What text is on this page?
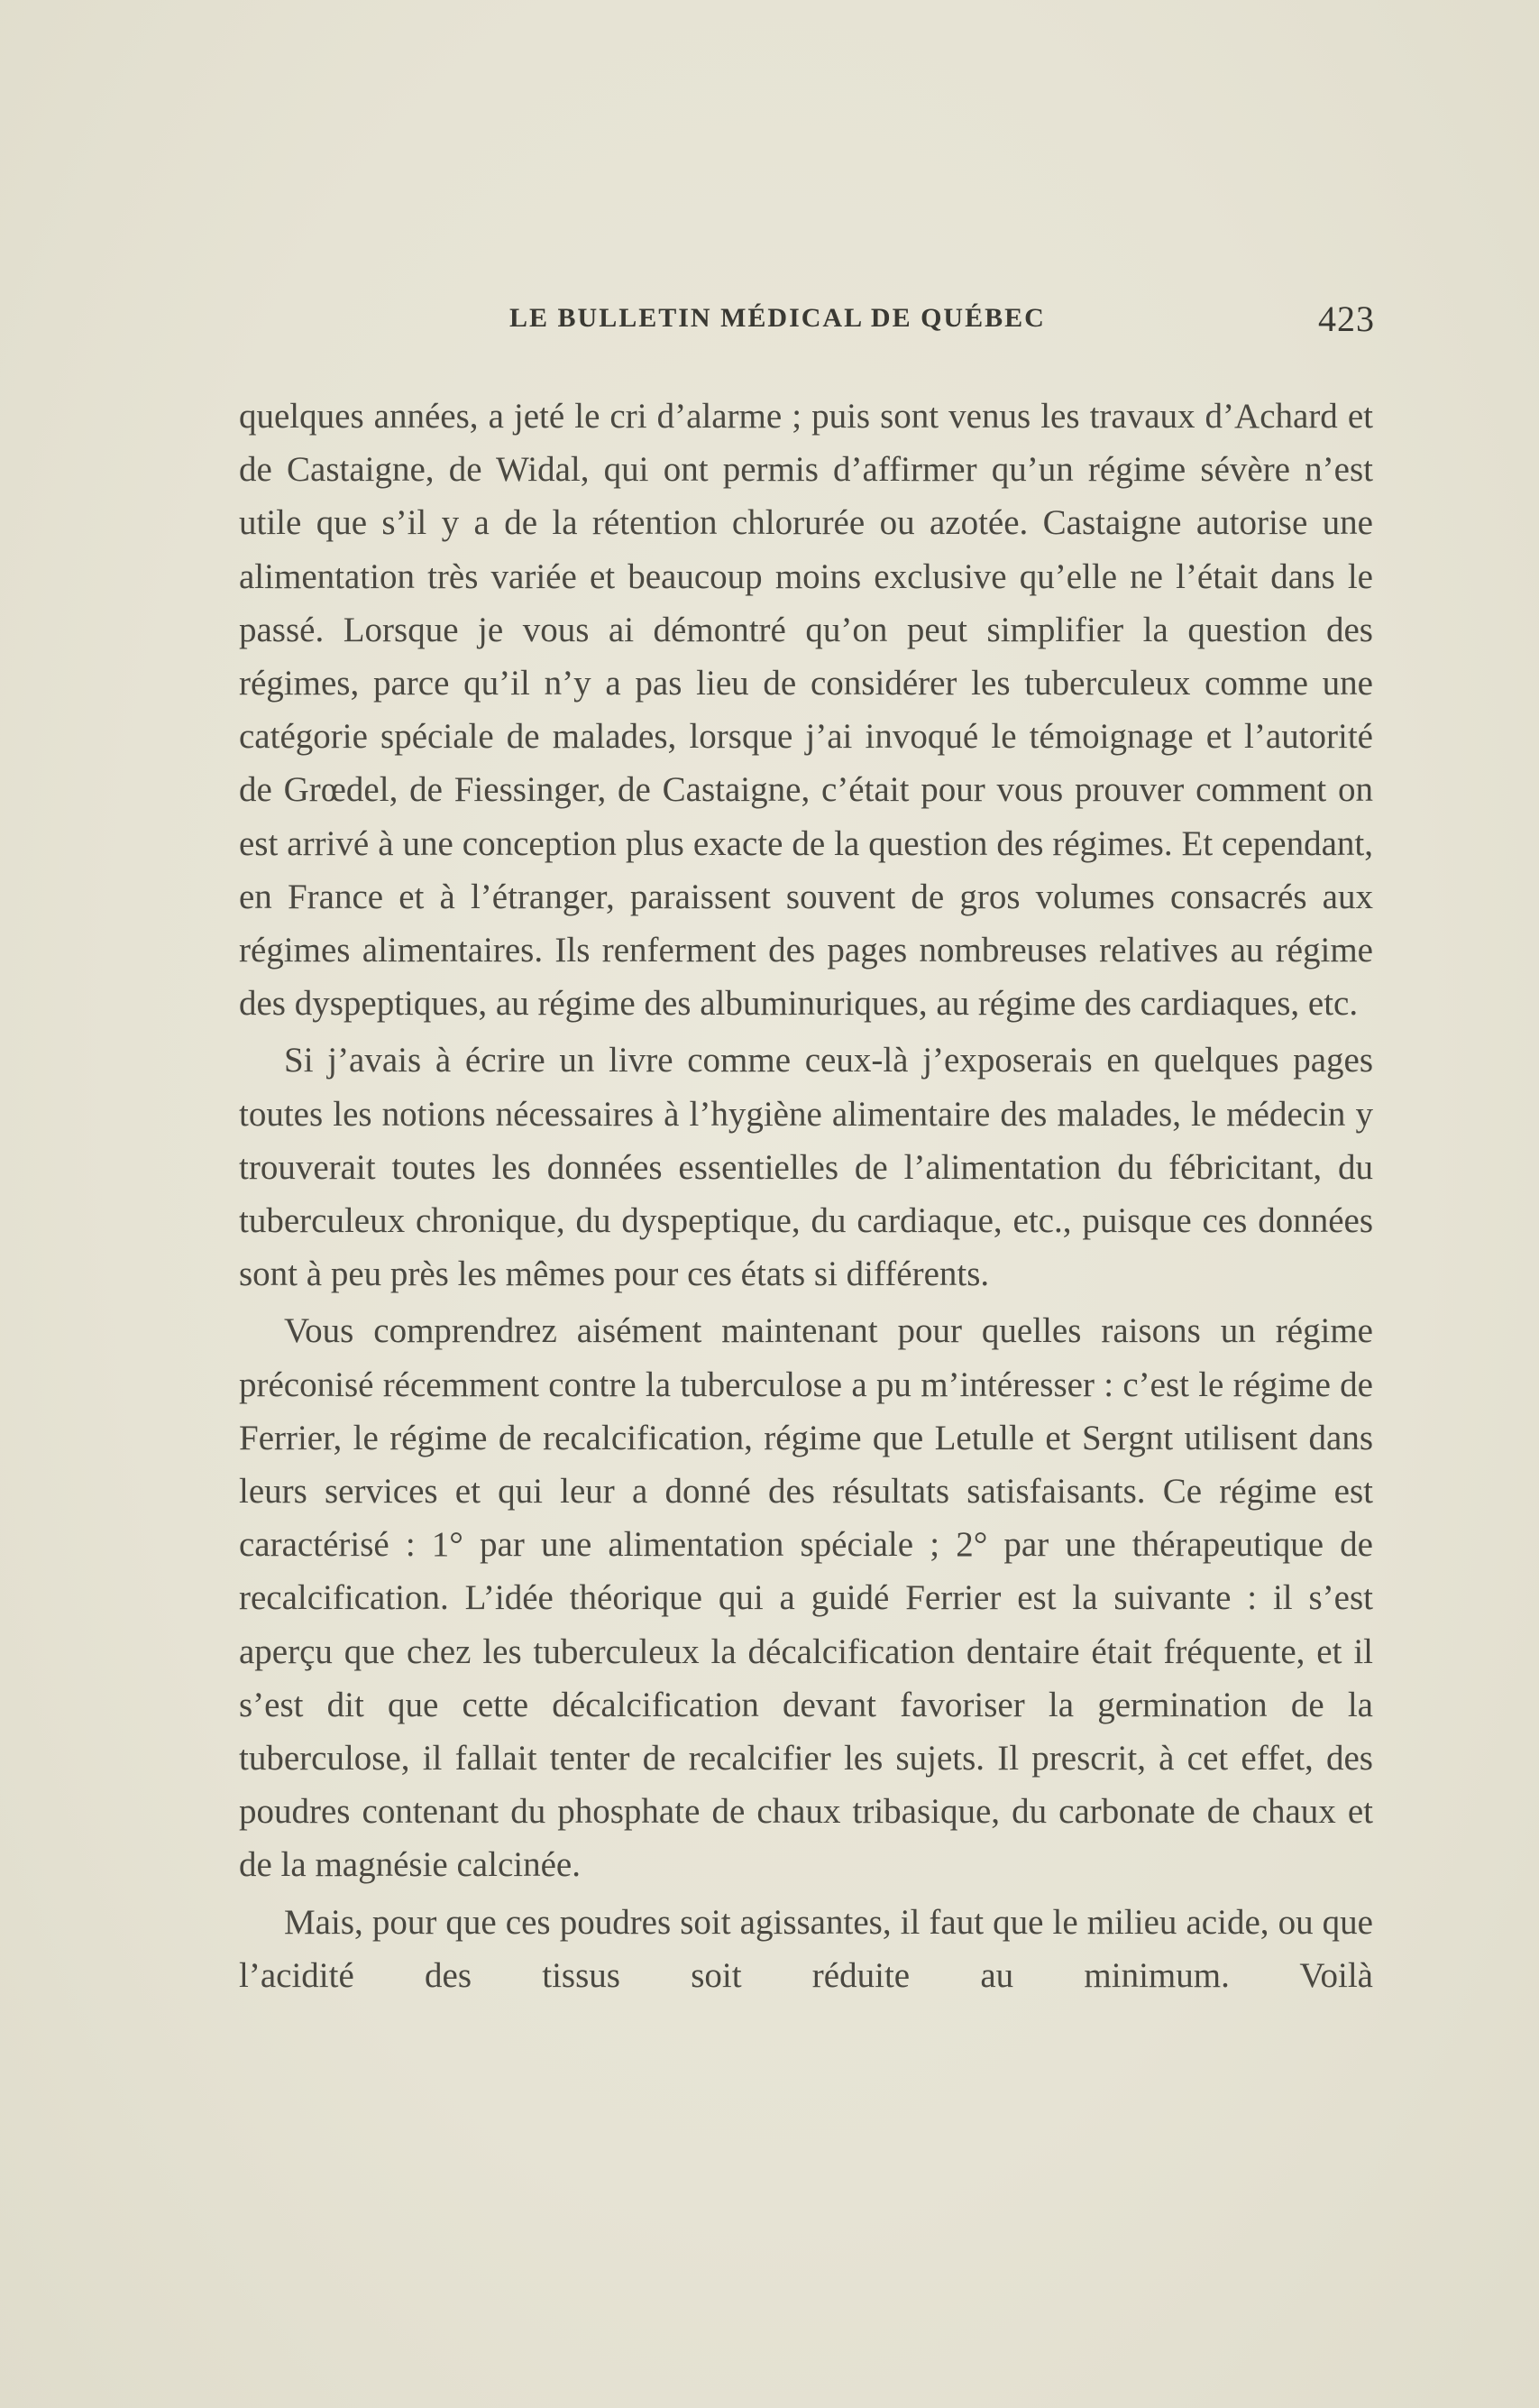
LE BULLETIN MÉDICAL DE QUÉBEC	423

quelques années, a jeté le cri d’alarme ; puis sont venus les travaux d’Achard et de Castaigne, de Widal, qui ont permis d’affirmer qu’un régime sévère n’est utile que s’il y a de la rétention chlorurée ou azotée. Castaigne autorise une alimentation très variée et beaucoup moins exclusive qu’elle ne l’était dans le passé. Lorsque je vous ai démontré qu’on peut simplifier la question des régimes, parce qu’il n’y a pas lieu de considérer les tuberculeux comme une catégorie spéciale de malades, lorsque j’ai invoqué le témoignage et l’autorité de Grœdel, de Fiessinger, de Castaigne, c’était pour vous prouver comment on est arrivé à une conception plus exacte de la question des régimes. Et cependant, en France et à l’étranger, paraissent souvent de gros volumes consacrés aux régimes alimentaires. Ils renferment des pages nombreuses relatives au régime des dyspeptiques, au régime des albuminuriques, au régime des cardiaques, etc.

Si j’avais à écrire un livre comme ceux-là j’exposerais en quelques pages toutes les notions nécessaires à l’hygiène alimentaire des malades, le médecin y trouverait toutes les données essentielles de l’alimentation du fébricitant, du tuberculeux chronique, du dyspeptique, du cardiaque, etc., puisque ces données sont à peu près les mêmes pour ces états si différents.

Vous comprendrez aisément maintenant pour quelles raisons un régime préconisé récemment contre la tuberculose a pu m’intéresser : c’est le régime de Ferrier, le régime de recalcification, régime que Letulle et Sergnt utilisent dans leurs services et qui leur a donné des résultats satisfaisants. Ce régime est caractérisé : 1° par une alimentation spéciale ; 2° par une thérapeutique de recalcification. L’idée théorique qui a guidé Ferrier est la suivante : il s’est aperçu que chez les tuberculeux la décalcification dentaire était fréquente, et il s’est dit que cette décalcification devant favoriser la germination de la tuberculose, il fallait tenter de recalcifier les sujets. Il prescrit, à cet effet, des poudres contenant du phosphate de chaux tribasique, du carbonate de chaux et de la magnésie calcinée.

Mais, pour que ces poudres soit agissantes, il faut que le milieu acide, ou que l’acidité des tissus soit réduite au minimum. Voilà
